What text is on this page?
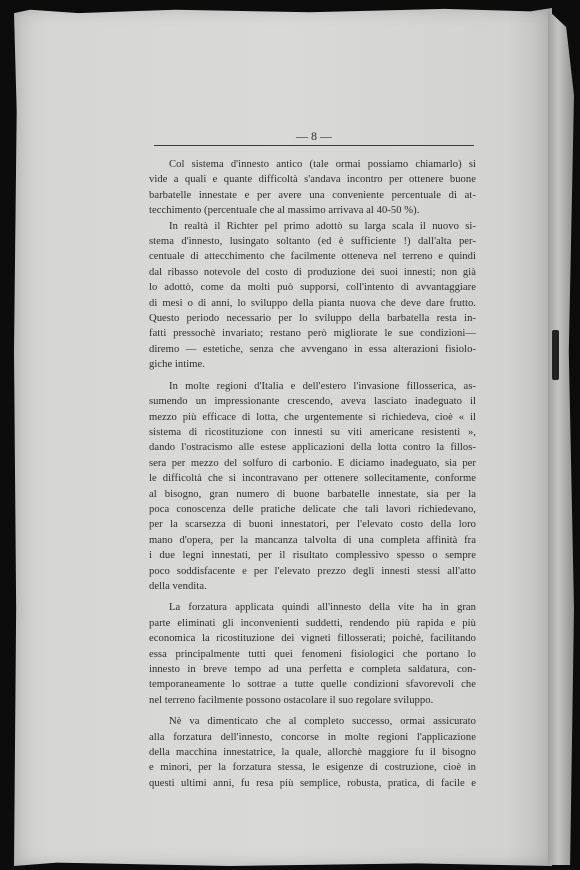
— 8 —
Col sistema d'innesto antico (tale ormai possiamo chiamarlo) si
vide a quali e quante difficoltà s'andava incontro per ottenere buone
barbatelle innestate e per avere una conveniente percentuale di at-
tecchimento (percentuale che al massimo arrivava al 40-50 %).
In realtà il Richter pel primo adottò su larga scala il nuovo si-
stema d'innesto, lusingato soltanto (ed è sufficiente !) dall'alta per-
centuale di attecchimento che facilmente otteneva nel terreno e quindi
dal ribasso notevole del costo di produzione dei suoi innesti; non già
lo adottò, come da molti può supporsi, coll'intento di avvantaggiare
di mesi o di anni, lo sviluppo della pianta nuova che deve dare frutto.
Questo periodo necessario per lo sviluppo della barbatella resta in-
fatti pressochè invariato; restano però migliorate le sue condizioni—
diremo — estetiche, senza che avvengano in essa alterazioni fisiolo-
giche intime.
In molte regioni d'Italia e dell'estero l'invasione fillosserica, as-
sumendo un impressionante crescendo, aveva lasciato inadeguato il
mezzo più efficace di lotta, che urgentemente si richiedeva, cioè « il
sistema di ricostituzione con innesti su viti americane resistenti »,
dando l'ostracismo alle estese applicazioni della lotta contro la fillos-
sera per mezzo del solfuro di carbonio. E diciamo inadeguato, sia per
le difficoltà che si incontravano per ottenere sollecitamente, conforme
al bisogno, gran numero di buone barbatelle innestate, sia per la
poca conoscenza delle pratiche delicate che tali lavori richiedevano,
per la scarsezza di buoni innestatori, per l'elevato costo della loro
mano d'opera, per la mancanza talvolta di una completa affinità fra
i due legni innestati, per il risultato complessivo spesso o sempre
poco soddisfacente e per l'elevato prezzo degli innesti stessi all'atto
della vendita.
La forzatura applicata quindi all'innesto della vite ha in gran
parte eliminati gli inconvenienti suddetti, rendendo più rapida e più
economica la ricostituzione dei vigneti fillosserati; poichè, facilitando
essa principalmente tutti quei fenomeni fisiologici che portano lo
innesto in breve tempo ad una perfetta e completa saldatura, con-
temporaneamente lo sottrae a tutte quelle condizioni sfavorevoli che
nel terreno facilmente possono ostacolare il suo regolare sviluppo.
Nè va dimenticato che al completo successo, ormai assicurato
alla forzatura dell'innesto, concorse in molte regioni l'applicazione
della macchina innestatrice, la quale, allorchè maggiore fu il bisogno
e minori, per la forzatura stessa, le esigenze di costruzione, cioè in
questi ultimi anni, fu resa più semplice, robusta, pratica, di facile e
